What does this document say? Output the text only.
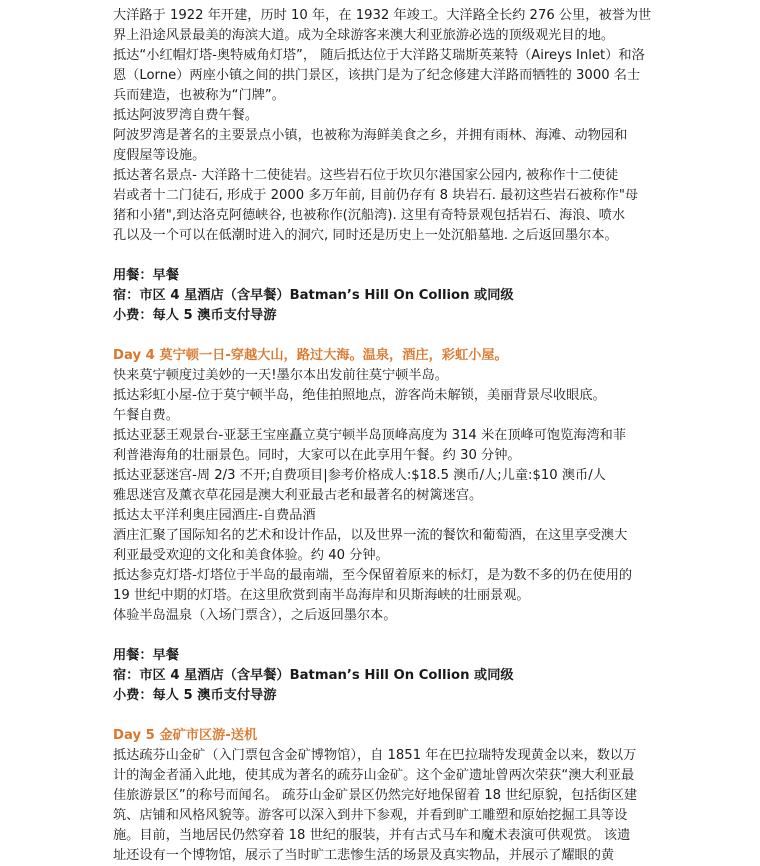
大洋路于 1922 年开建，历时 10 年，在 1932 年竣工。大洋路全长约 276 公里，被誉为世
界上沿途风景最美的海滨大道。成为全球游客来澳大利亚旅游必选的顶级观光目的地。
抵达“小红帽灯塔-奥特威角灯塔”， 随后抵达位于大洋路艾瑞斯英莱特（Aireys Inlet）和洛
恩（Lorne）两座小镇之间的拱门景区，该拱门是为了纪念修建大洋路而牺牲的 3000 名士
兵而建造，也被称为“门牌”。
抵达阿波罗湾自费午餐。
阿波罗湾是著名的主要景点小镇，也被称为海鲜美食之乡，并拥有雨林、海滩、动物园和
度假屋等设施。
抵达著名景点- 大洋路十二使徒岩。这些岩石位于坎贝尔港国家公园内, 被称作十二使徒
岩或者十二门徒石, 形成于 2000 多万年前, 目前仍存有 8 块岩石. 最初这些岩石被称作"母
猪和小猪",到达洛克阿德峡谷, 也被称作(沉船湾). 这里有奇特景观包括岩石、海浪、喷水
孔以及一个可以在低潮时进入的洞穴, 同时还是历史上一处沉船墓地. 之后返回墨尔本。
用餐：早餐
宿：市区 4 星酒店（含早餐）Batman’s Hill On Collion 或同级
小费：每人 5 澳币支付导游
Day 4 莫宁顿一日-穿越大山，路过大海。温泉，酒庄，彩虹小屋。
快来莫宁顿度过美妙的一天!墨尔本出发前往莫宁顿半岛。
抵达彩虹小屋-位于莫宁顿半岛，绝佳拍照地点，游客尚未解锁，美丽背景尽收眼底。
午餐自费。
抵达亚瑟王观景台-亚瑟王宝座矗立莫宁顿半岛顶峰高度为 314 米在顶峰可饱览海湾和菲
利普港海角的壮丽景色。同时，大家可以在此享用午餐。约 30 分钟。
抵达亚瑟迷宫-周 2/3 不开;自费项目|参考价格成人:$18.5 澳币/人;儿童:$10 澳币/人
雅思迷宫及薰衣草花园是澳大利亚最古老和最著名的树篱迷宫。
抵达太平洋利奥庄园酒庄-自费品酒
酒庄汇聚了国际知名的艺术和设计作品，以及世界一流的餐饮和葡萄酒，在这里享受澳大
利亚最受欢迎的文化和美食体验。约 40 分钟。
抵达参克灯塔-灯塔位于半岛的最南端，至今保留着原来的标灯，是为数不多的仍在使用的
19 世纪中期的灯塔。在这里欣赏到南半岛海岸和贝斯海峡的壮丽景观。
体验半岛温泉（入场门票含），之后返回墨尔本。
用餐：早餐
宿：市区 4 星酒店（含早餐）Batman’s Hill On Collion 或同级
小费：每人 5 澳币支付导游
Day 5 金矿市区游-送机
抵达疏芬山金矿（入门票包含金矿博物馆），自 1851 年在巴拉瑞特发现黄金以来，数以万
计的淘金者涌入此地，使其成为著名的疏芬山金矿。这个金矿遗址曾两次荣获“澳大利亚最
佳旅游景区”的称号而闻名。 疏芬山金矿景区仍然完好地保留着 18 世纪原貌，包括街区建
筑、店铺和风格风貌等。游客可以深入到井下参观，并看到旷工雕塑和原始挖掘工具等设
施。目前，当地居民仍然穿着 18 世纪的服装，并有古式马车和魔术表演可供观赏。 该遗
址还设有一个博物馆，展示了当时旷工悲惨生活的场景及真实物品，并展示了耀眼的黄
